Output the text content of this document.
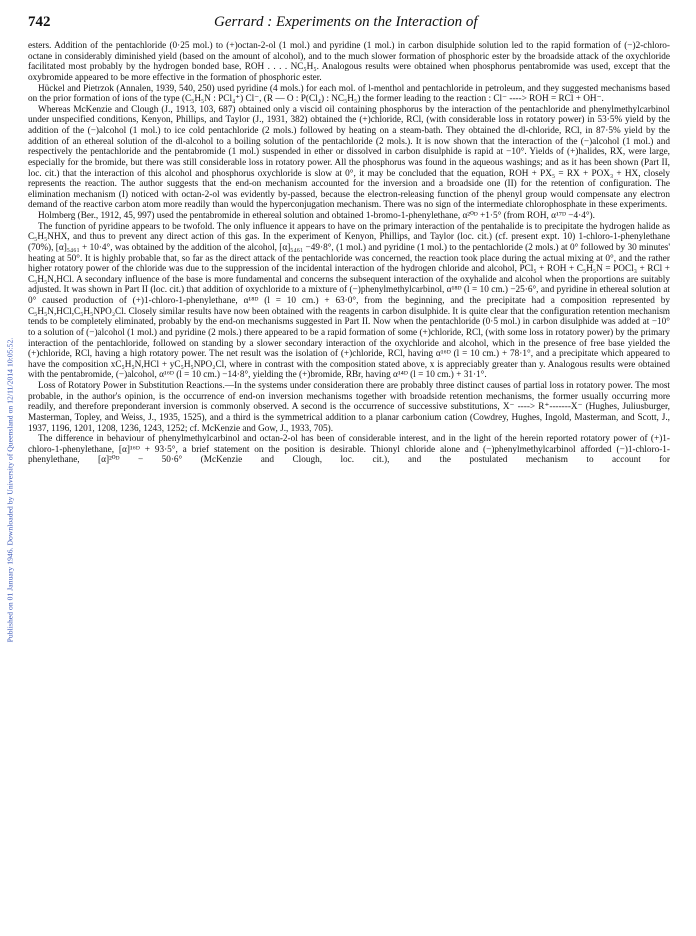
Published on 01 January 1946. Downloaded by University of Queensland on 12/11/2014 10:05:52.
742	Gerrard : Experiments on the Interaction of

esters. Addition of the pentachloride (0·25 mol.) to (+)octan-2-ol (1 mol.) and pyridine (1 mol.) in carbon disulphide solution led to the rapid formation of (−)2-chloro-octane in considerably diminished yield (based on the amount of alcohol), and to the much slower formation of phosphoric ester by the broadside attack of the oxychloride facilitated most probably by the hydrogen bonded base, ROH . . . . NC₅H₅. Analogous results were obtained when phosphorus pentabromide was used, except that the oxybromide appeared to be more effective in the formation of phosphoric ester.

Hückel and Pietrzok (Annalen, 1939, 540, 250) used pyridine (4 mols.) for each mol. of l-menthol and pentachloride in petroleum, and they suggested mechanisms based on the prior formation of ions of the type (C₅H₅N : PCl₄⁺) Cl⁻, (R — O : P(Cl₄) : NC₅H₅) the former leading to the reaction : Cl⁻ ----> ROH = RCl + OH⁻.

Whereas McKenzie and Clough (J., 1913, 103, 687) obtained only a viscid oil containing phosphorus by the interaction of the pentachloride and phenylmethylcarbinol under unspecified conditions, Kenyon, Phillips, and Taylor (J., 1931, 382) obtained the (+)chloride, RCl, (with considerable loss in rotatory power) in 53·5% yield by the addition of the (−)alcohol (1 mol.) to ice cold pentachloride (2 mols.) followed by heating on a steam-bath. They obtained the dl-chloride, RCl, in 87·5% yield by the addition of an ethereal solution of the dl-alcohol to a boiling solution of the pentachloride (2 mols.). It is now shown that the interaction of the (−)alcohol (1 mol.) and respectively the pentachloride and the pentabromide (1 mol.) suspended in ether or dissolved in carbon disulphide is rapid at −10°. Yields of (+)halides, RX, were large, especially for the bromide, but there was still considerable loss in rotatory power. All the phosphorus was found in the aqueous washings; and as it has been shown (Part II, loc. cit.) that the interaction of this alcohol and phosphorus oxychloride is slow at 0°, it may be concluded that the equation, ROH + PX₅ = RX + POX₃ + HX, closely represents the reaction. The author suggests that the end-on mechanism accounted for the inversion and a broadside one (II) for the retention of configuration. The elimination mechanism (I) noticed with octan-2-ol was evidently by-passed, because the electron-releasing function of the phenyl group would compensate any electron demand of the reactive carbon atom more readily than would the hyperconjugation mechanism. There was no sign of the intermediate chlorophosphate in these experiments.

Holmberg (Ber., 1912, 45, 997) used the pentabromide in ethereal solution and obtained 1-bromo-1-phenylethane, α²⁰ᴰ +1·5° (from ROH, α¹⁷ᴰ −4·4°).

The function of pyridine appears to be twofold. The only influence it appears to have on the primary interaction of the pentahalide is to precipitate the hydrogen halide as C₅H₅NHX, and thus to prevent any direct action of this gas. In the experiment of Kenyon, Phillips, and Taylor (loc. cit.) (cf. present expt. 10) 1-chloro-1-phenylethane (70%), [α]₅₄₆₁ + 10·4°, was obtained by the addition of the alcohol, [α]₅₄₆₁ −49·8°, (1 mol.) and pyridine (1 mol.) to the pentachloride (2 mols.) at 0° followed by 30 minutes' heating at 50°. It is highly probable that, so far as the direct attack of the pentachloride was concerned, the reaction took place during the actual mixing at 0°, and the rather higher rotatory power of the chloride was due to the suppression of the incidental interaction of the hydrogen chloride and alcohol, PCl₅ + ROH + C₅H₅N = POCl₃ + RCl + C₅H₅N,HCl. A secondary influence of the base is more fundamental and concerns the subsequent interaction of the oxyhalide and alcohol when the proportions are suitably adjusted. It was shown in Part II (loc. cit.) that addition of oxychloride to a mixture of (−)phenylmethylcarbinol, α¹⁸ᴰ (l = 10 cm.) −25·6°, and pyridine in ethereal solution at 0° caused production of (+)1-chloro-1-phenylethane, α¹⁸ᴰ (l = 10 cm.) + 63·0°, from the beginning, and the precipitate had a composition represented by C₅H₅N,HCl,C₅H₅NPO₂Cl. Closely similar results have now been obtained with the reagents in carbon disulphide. It is quite clear that the configuration retention mechanism tends to be completely eliminated, probably by the end-on mechanisms suggested in Part II. Now when the pentachloride (0·5 mol.) in carbon disulphide was added at −10° to a solution of (−)alcohol (1 mol.) and pyridine (2 mols.) there appeared to be a rapid formation of some (+)chloride, RCl, (with some loss in rotatory power) by the primary interaction of the pentachloride, followed on standing by a slower secondary interaction of the oxychloride and alcohol, which in the presence of free base yielded the (+)chloride, RCl, having a high rotatory power. The net result was the isolation of (+)chloride, RCl, having α¹⁶ᴰ (l = 10 cm.) + 78·1°, and a precipitate which appeared to have the composition xC₅H₅N,HCl + yC₅H₅NPO₂Cl, where in contrast with the composition stated above, x is appreciably greater than y. Analogous results were obtained with the pentabromide, (−)alcohol, α¹⁶ᴰ (l = 10 cm.) −14·8°, yielding the (+)bromide, RBr, having α¹⁴ᴰ (l = 10 cm.) + 31·1°.

Loss of Rotatory Power in Substitution Reactions.—In the systems under consideration there are probably three distinct causes of partial loss in rotatory power. The most probable, in the author's opinion, is the occurrence of end-on inversion mechanisms together with broadside retention mechanisms, the former usually occurring more readily, and therefore preponderant inversion is commonly observed. A second is the occurrence of successive substitutions, X⁻ ----> R⁺-------X⁻ (Hughes, Juliusburger, Masterman, Topley, and Weiss, J., 1935, 1525), and a third is the symmetrical addition to a planar carbonium cation (Cowdrey, Hughes, Ingold, Masterman, and Scott, J., 1937, 1196, 1201, 1208, 1236, 1243, 1252; cf. McKenzie and Gow, J., 1933, 705).

The difference in behaviour of phenylmethylcarbinol and octan-2-ol has been of considerable interest, and in the light of the herein reported rotatory power of (+)1-chloro-1-phenylethane, [α]¹⁶ᴰ + 93·5°, a brief statement on the position is desirable. Thionyl chloride alone and (−)phenylmethylcarbinol afforded (−)1-chloro-1-phenylethane, [α]²⁰ᴰ − 50·6° (McKenzie and Clough, loc. cit.), and the postulated mechanism to account for
